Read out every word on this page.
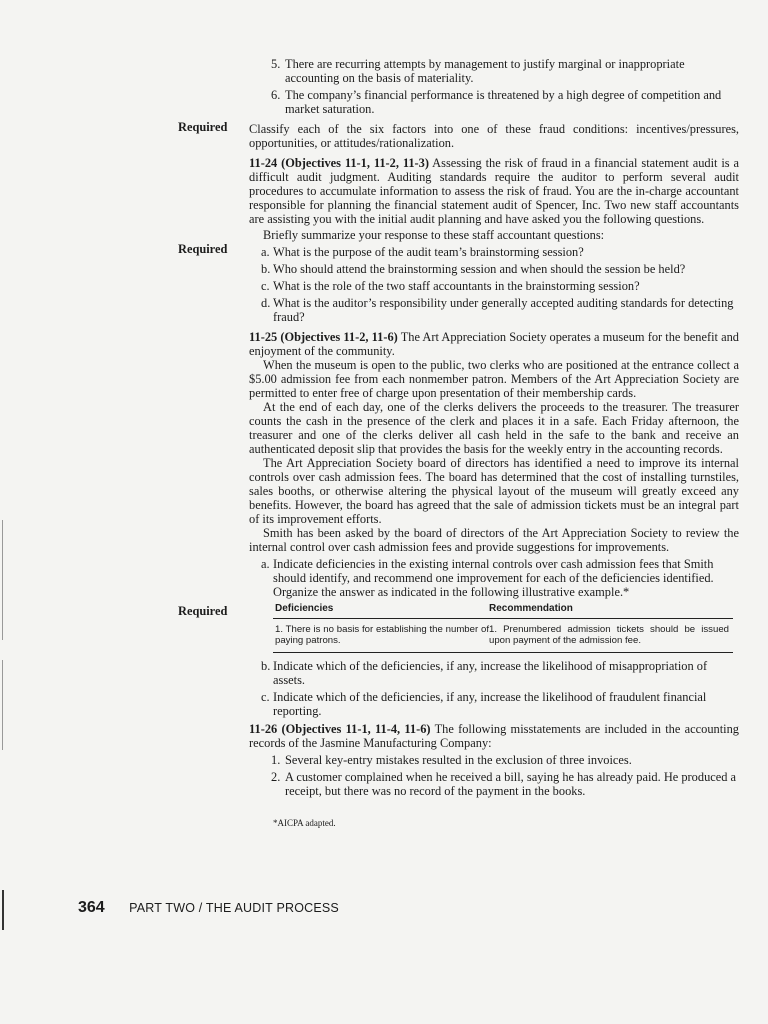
Required
Required
Required
5. There are recurring attempts by management to justify marginal or inappropriate accounting on the basis of materiality.
6. The company’s financial performance is threatened by a high degree of competition and market saturation.

Classify each of the six factors into one of these fraud conditions: incentives/pressures, opportunities, or attitudes/rationalization.

11-24 (Objectives 11-1, 11-2, 11-3) Assessing the risk of fraud in a financial statement audit is a difficult audit judgment. Auditing standards require the auditor to perform several audit procedures to accumulate information to assess the risk of fraud. You are the in-charge accountant responsible for planning the financial statement audit of Spencer, Inc. Two new staff accountants are assisting you with the initial audit planning and have asked you the following questions.

Briefly summarize your response to these staff accountant questions:

a. What is the purpose of the audit team’s brainstorming session?
b. Who should attend the brainstorming session and when should the session be held?
c. What is the role of the two staff accountants in the brainstorming session?
d. What is the auditor’s responsibility under generally accepted auditing standards for detecting fraud?

11-25 (Objectives 11-2, 11-6) The Art Appreciation Society operates a museum for the benefit and enjoyment of the community.

When the museum is open to the public, two clerks who are positioned at the entrance collect a $5.00 admission fee from each nonmember patron. Members of the Art Appreciation Society are permitted to enter free of charge upon presentation of their membership cards.

At the end of each day, one of the clerks delivers the proceeds to the treasurer. The treasurer counts the cash in the presence of the clerk and places it in a safe. Each Friday afternoon, the treasurer and one of the clerks deliver all cash held in the safe to the bank and receive an authenticated deposit slip that provides the basis for the weekly entry in the accounting records.

The Art Appreciation Society board of directors has identified a need to improve its internal controls over cash admission fees. The board has determined that the cost of installing turnstiles, sales booths, or otherwise altering the physical layout of the museum will greatly exceed any benefits. However, the board has agreed that the sale of admission tickets must be an integral part of its improvement efforts.

Smith has been asked by the board of directors of the Art Appreciation Society to review the internal control over cash admission fees and provide suggestions for improvements.

a. Indicate deficiencies in the existing internal controls over cash admission fees that Smith should identify, and recommend one improvement for each of the deficiencies identified. Organize the answer as indicated in the following illustrative example.*
Deficiencies	Recommendation
1. There is no basis for establishing the number of paying patrons.
1. Prenumbered admission tickets should be issued upon payment of the admission fee.
b. Indicate which of the deficiencies, if any, increase the likelihood of misappropriation of assets.
c. Indicate which of the deficiencies, if any, increase the likelihood of fraudulent financial reporting.

11-26 (Objectives 11-1, 11-4, 11-6) The following misstatements are included in the accounting records of the Jasmine Manufacturing Company:

1. Several key-entry mistakes resulted in the exclusion of three invoices.
2. A customer complained when he received a bill, saying he has already paid. He produced a receipt, but there was no record of the payment in the books.
*AICPA adapted.
364 PART TWO / THE AUDIT PROCESS
